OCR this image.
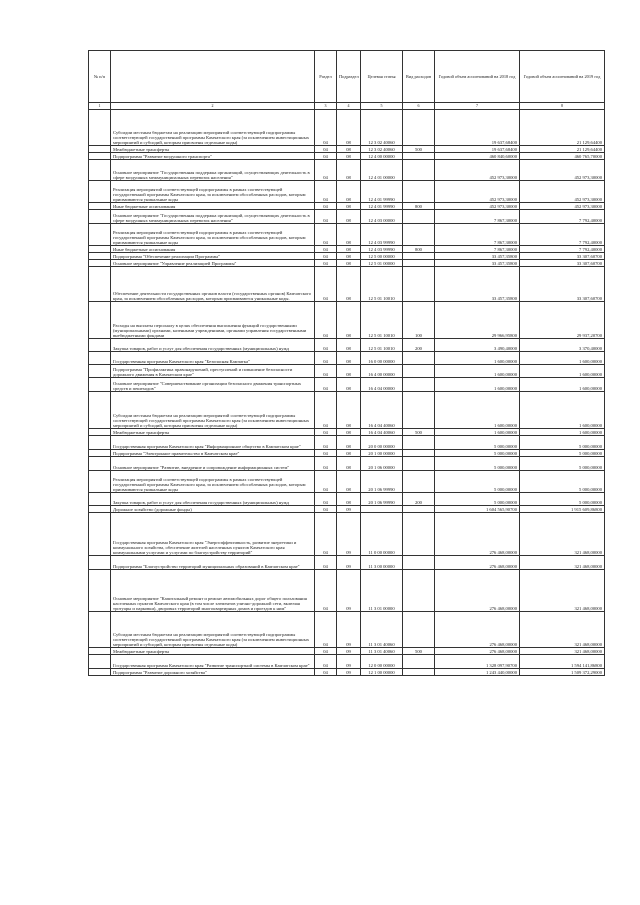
№ п/п		Раздел	Подраздел	Целевая статья	Вид расходов	Годовой объем ассигнований на 2018 год	Годовой объем ассигнований на 2019 год
1	2	3	4	5	6	7	8
	Субсидии местным бюджетам на реализацию мероприятий соответствующей подпрограммы соответствующей государственной программы Камчатского края (за исключением инвестиционных мероприятий и субсидий, которым присвоены отдельные коды)	04	08	12 3 02 40060		19 637,68400	21 129,64400
	Межбюджетные трансферты	04	08	12 3 02 40060	500	19 637,68400	21 129,64400
	Подпрограмма "Развитие воздушного транспорта"	04	08	12 4 00 00000		460 840,60000	460 765,70000
	Основное мероприятие "Государственная поддержка организаций, осуществляющих деятельность в сфере воздушных межмуниципальных перевозок населения"	04	08	12 4 01 00000		452 973,30000	452 973,30000
	Реализация мероприятий соответствующей подпрограммы в рамках соответствующей государственной программы Камчатского края, за исключением обособленных расходов, которым присваиваются уникальные коды	04	08	12 4 01 99990		452 973,30000	452 973,30000
	Иные бюджетные ассигнования	04	08	12 4 01 99990	800	452 973,30000	452 973,30000
	Основное мероприятие "Государственная поддержка организаций, осуществляющих деятельность в сфере воздушных межмуниципальных перевозок населения"	04	08	12 4 03 00000		7 867,30000	7 792,40000
	Реализация мероприятий соответствующей подпрограммы в рамках соответствующей государственной программы Камчатского края, за исключением обособленных расходов, которым присваиваются уникальные коды	04	08	12 4 03 99990		7 867,30000	7 792,40000
	Иные бюджетные ассигнования	04	08	12 4 03 99990	800	7 867,30000	7 792,40000
	Подпрограмма "Обеспечение реализации Программы"	04	08	12 5 00 00000		33 457,35800	33 307,60700
	Основное мероприятие "Управление реализацией Программы"	04	08	12 5 01 00000		33 457,35800	33 307,60700
	Обеспечение деятельности государственных органов власти (государственных органов) Камчатского края, за исключением обособленных расходов, которым присваиваются уникальные коды.	04	08	12 5 01 10010		33 457,35800	33 307,60700
	Расходы на выплаты персоналу в целях обеспечения выполнения функций государственными (муниципальными) органами, казенными учреждениями, органами управления государственными внебюджетными фондами	04	08	12 5 01 10010	100	29 966,95800	29 937,20700
	Закупка товаров, работ и услуг для обеспечения государственных (муниципальных) нужд	04	08	12 5 01 10010	200	3 490,40000	3 370,40000
	Государственная программа Камчатского края "Безопасная Камчатка"	04	08	16 0 00 00000		1 600,00000	1 600,00000
	Подпрограмма "Профилактика правонарушений, преступлений и повышение безопасности дорожного движения в Камчатском крае"	04	08	16 4 00 00000		1 600,00000	1 600,00000
	Основное мероприятие "Совершенствование организации безопасного движения транспортных средств и пешеходов"	04	08	16 4 04 00000		1 600,00000	1 600,00000
	Субсидии местным бюджетам на реализацию мероприятий соответствующей подпрограммы соответствующей государственной программы Камчатского края (за исключением инвестиционных мероприятий и субсидий, которым присвоены отдельные коды)	04	08	16 4 04 40060		1 600,00000	1 600,00000
	Межбюджетные трансферты	04	08	16 4 04 40060	500	1 600,00000	1 600,00000
	Государственная программа Камчатского края "Информационное общество в Камчатском крае"	04	08	20 0 00 00000		5 000,00000	5 000,00000
	Подпрограмма "Электронное правительство в Камчатском крае"	04	08	20 1 00 00000		5 000,00000	5 000,00000
	Основное мероприятие "Развитие, внедрение и сопровождение информационных систем"	04	08	20 1 06 00000		5 000,00000	5 000,00000
	Реализация мероприятий соответствующей подпрограммы в рамках соответствующей государственной программы Камчатского края, за исключением обособленных расходов, которым присваиваются уникальные коды	04	08	20 1 06 99990		5 000,00000	5 000,00000
	Закупка товаров, работ и услуг для обеспечения государственных (муниципальных) нужд	04	08	20 1 06 99990	200	5 000,00000	5 000,00000
	Дорожное хозяйство (дорожные фонды)	04	09			1 604 565,90700	1 915 609,86800
	Государственная программа Камчатского края "Энергоэффективность, развитие энергетики и коммунального хозяйства, обеспечение жителей населенных пунктов Камчатского края коммунальными услугами и услугами по благоустройству территорий"	04	09	11 0 00 00000		276 468,00000	321 468,00000
	Подпрограмма "Благоустройство территорий муниципальных образований в Камчатском крае"	04	09	11 3 00 00000		276 468,00000	321 468,00000
	Основное мероприятие "Капитальный ремонт и ремонт автомобильных дорог общего пользования населенных пунктов Камчатского края (в том числе элементов улично-дорожной сети, включая тротуары и парковки), дворовых территорий многоквартирных домов и проездов к ним"	04	09	11 3 01 00000		276 468,00000	321 468,00000
	Субсидии местным бюджетам на реализацию мероприятий соответствующей подпрограммы соответствующей государственной программы Камчатского края (за исключением инвестиционных мероприятий и субсидий, которым присвоены отдельные коды)	04	09	11 3 01 40060		276 468,00000	321 468,00000
	Межбюджетные трансферты	04	09	11 3 01 40060	500	276 468,00000	321 468,00000
	Государственная программа Камчатского края "Развитие транспортной системы в Камчатском крае"	04	09	12 0 00 00000		1 328 097,90700	1 594 141,86800
	Подпрограмма "Развитие дорожного хозяйства"	04	09	12 1 00 00000		1 243 440,00000	1 509 372,29000
